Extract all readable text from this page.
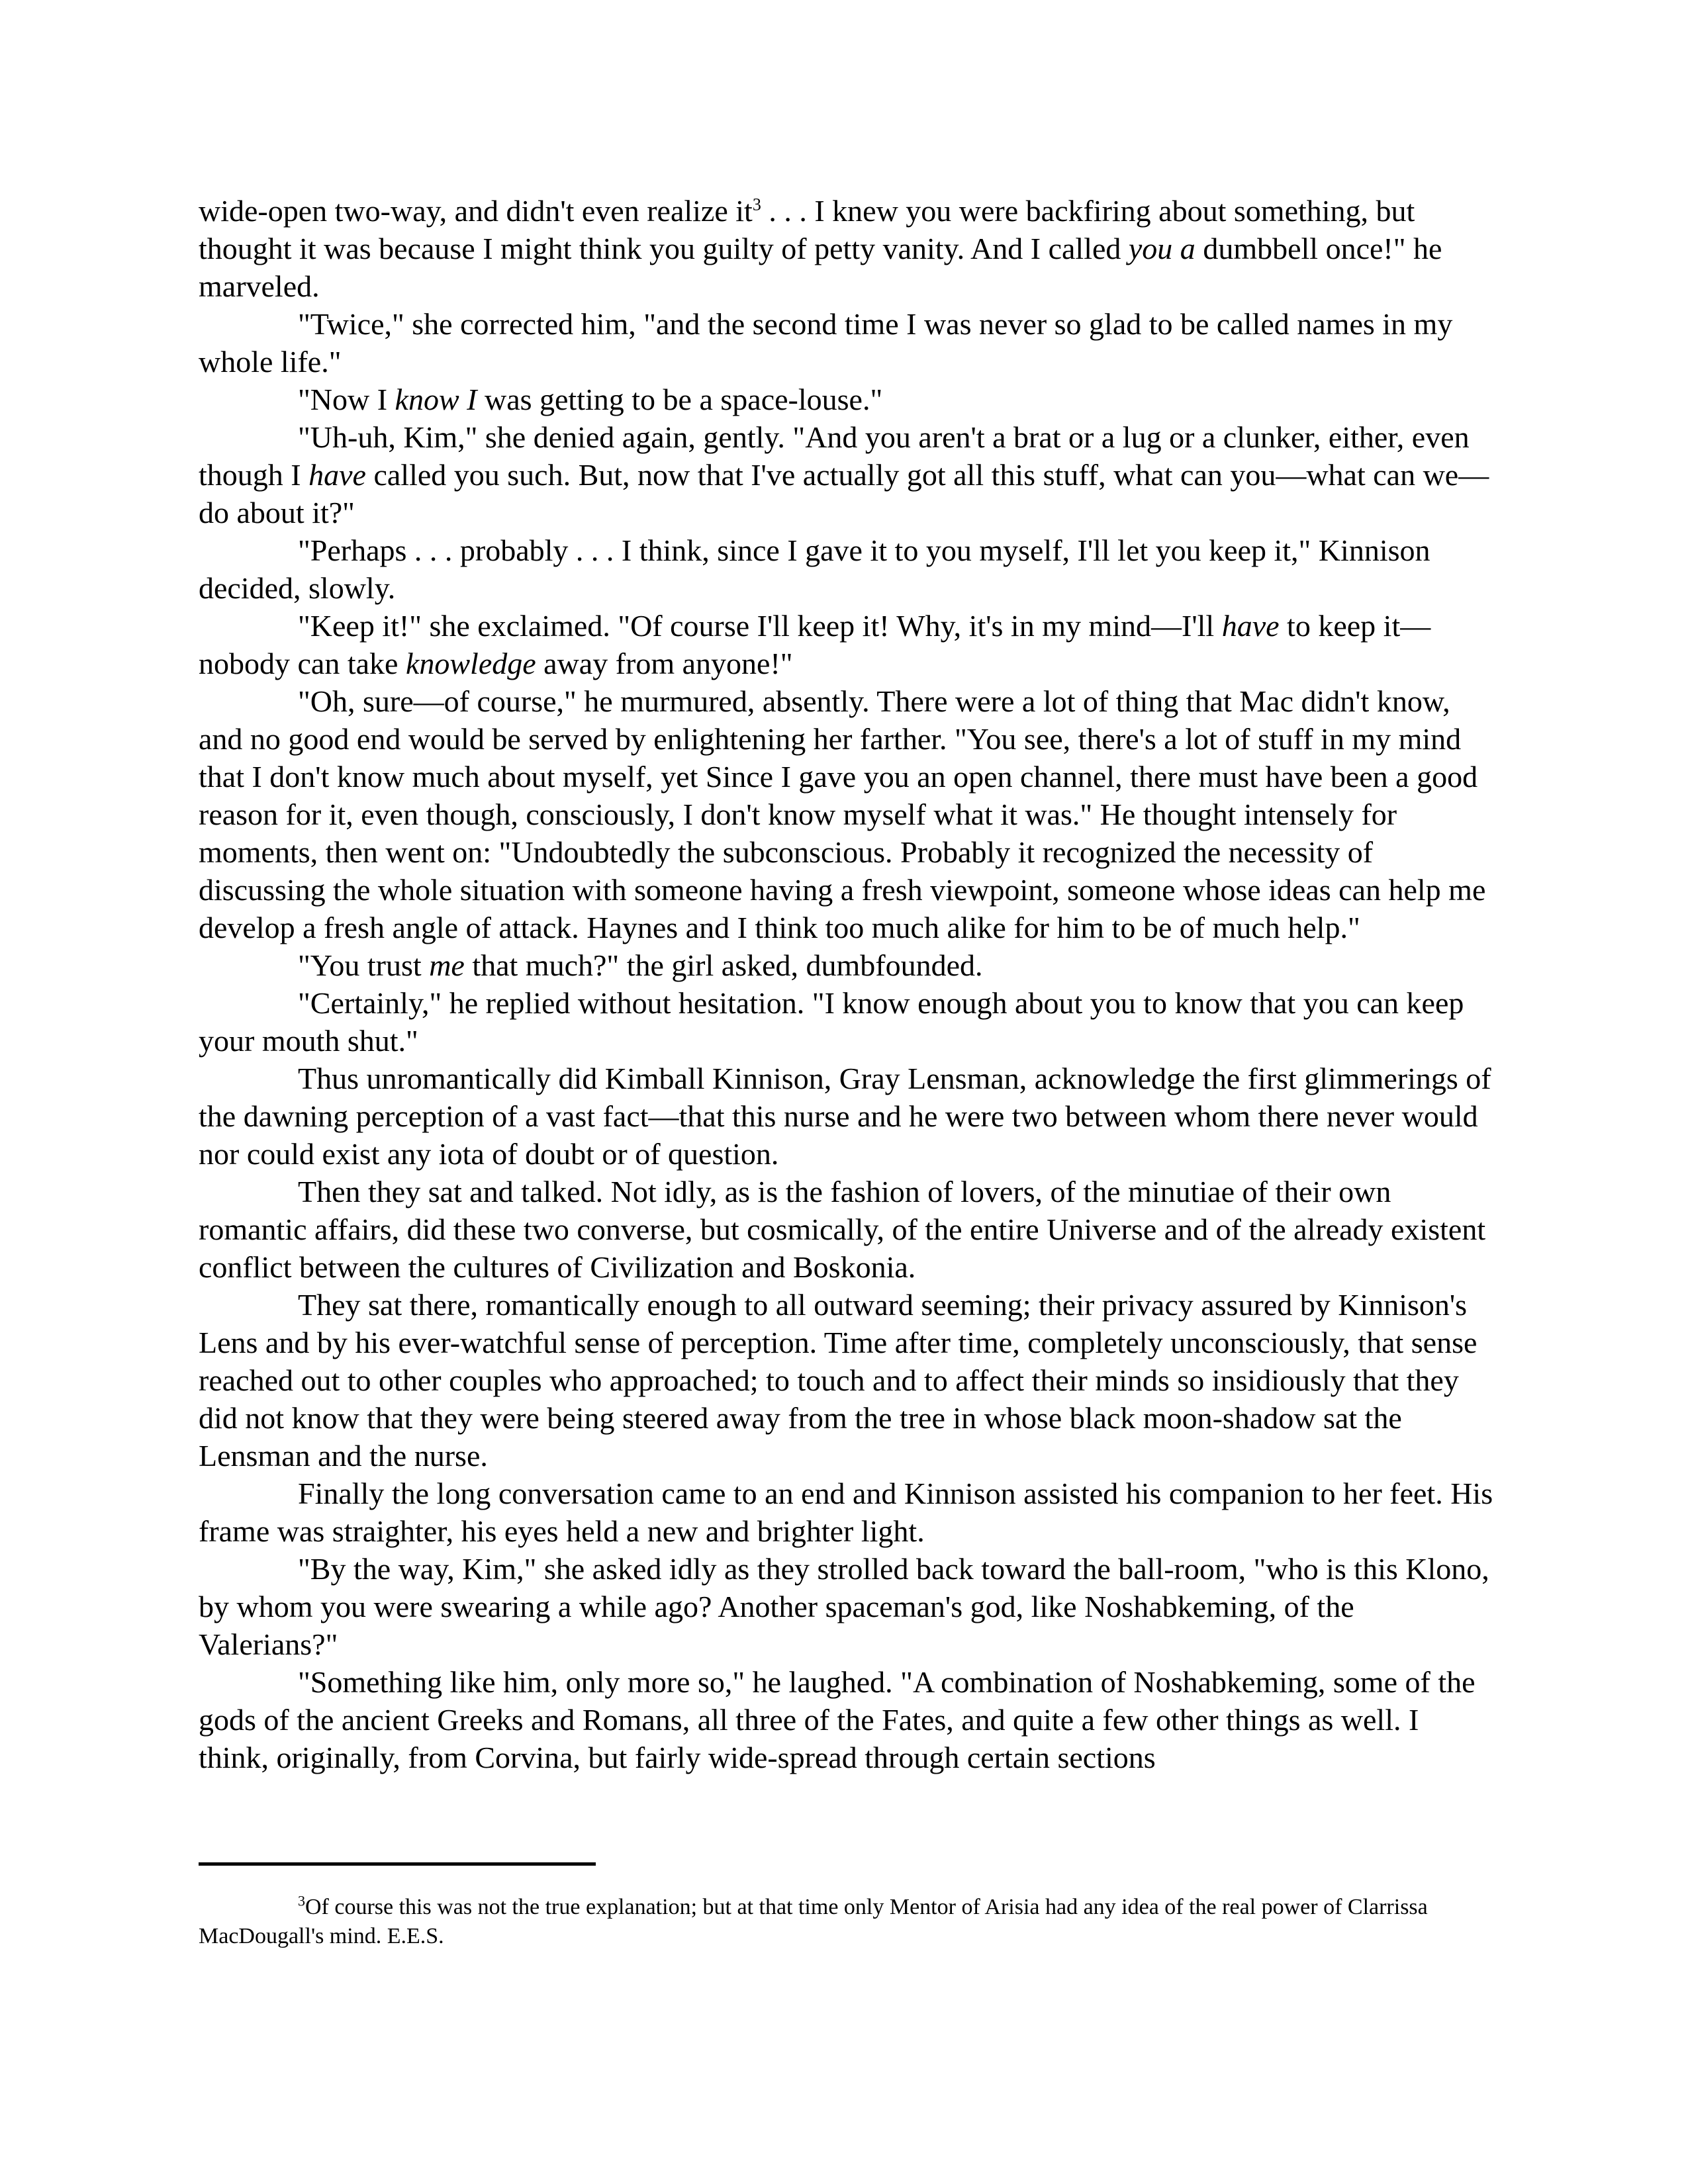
wide-open two-way, and didn't even realize $it^3$ . . . I knew you were backfiring about something, but thought it was because I might think you guilty of petty vanity. And I called you a dumbbell once!" he marveled.

"Twice," she corrected him, "and the second time I was never so glad to be called names in my whole life."

"Now I know I was getting to be a space-louse."

"Uh-uh, Kim," she denied again, gently. "And you aren't a brat or a lug or a clunker, either, even though I have called you such. But, now that I've actually got all this stuff, what can you—what can we—do about it?"

"Perhaps . . . probably . . . I think, since I gave it to you myself, I'll let you keep it," Kinnison decided, slowly.

"Keep it!" she exclaimed. "Of course I'll keep it! Why, it's in my mind—I'll have to keep it—nobody can take knowledge away from anyone!"

"Oh, sure—of course," he murmured, absently. There were a lot of thing that Mac didn't know, and no good end would be served by enlightening her farther. "You see, there's a lot of stuff in my mind that I don't know much about myself, yet Since I gave you an open channel, there must have been a good reason for it, even though, consciously, I don't know myself what it was." He thought intensely for moments, then went on: "Undoubtedly the subconscious. Probably it recognized the necessity of discussing the whole situation with someone having a fresh viewpoint, someone whose ideas can help me develop a fresh angle of attack. Haynes and I think too much alike for him to be of much help."

"You trust me that much?" the girl asked, dumbfounded.

"Certainly," he replied without hesitation. "I know enough about you to know that you can keep your mouth shut."

Thus unromantically did Kimball Kinnison, Gray Lensman, acknowledge the first glimmerings of the dawning perception of a vast fact—that this nurse and he were two between whom there never would nor could exist any iota of doubt or of question.

Then they sat and talked. Not idly, as is the fashion of lovers, of the minutiae of their own romantic affairs, did these two converse, but cosmically, of the entire Universe and of the already existent conflict between the cultures of Civilization and Boskonia.

They sat there, romantically enough to all outward seeming; their privacy assured by Kinnison's Lens and by his ever-watchful sense of perception. Time after time, completely unconsciously, that sense reached out to other couples who approached; to touch and to affect their minds so insidiously that they did not know that they were being steered away from the tree in whose black moon-shadow sat the Lensman and the nurse.

Finally the long conversation came to an end and Kinnison assisted his companion to her feet. His frame was straighter, his eyes held a new and brighter light.

"By the way, Kim," she asked idly as they strolled back toward the ball-room, "who is this Klono, by whom you were swearing a while ago? Another spaceman's god, like Noshabkeming, of the Valerians?"

"Something like him, only more so," he laughed. "A combination of Noshabkeming, some of the gods of the ancient Greeks and Romans, all three of the Fates, and quite a few other things as well. I think, originally, from Corvina, but fairly wide-spread through certain sections

$^3$Of course this was not the true explanation; but at that time only Mentor of Arisia had any idea of the real power of Clarrissa MacDougall's mind. E.E.S.
